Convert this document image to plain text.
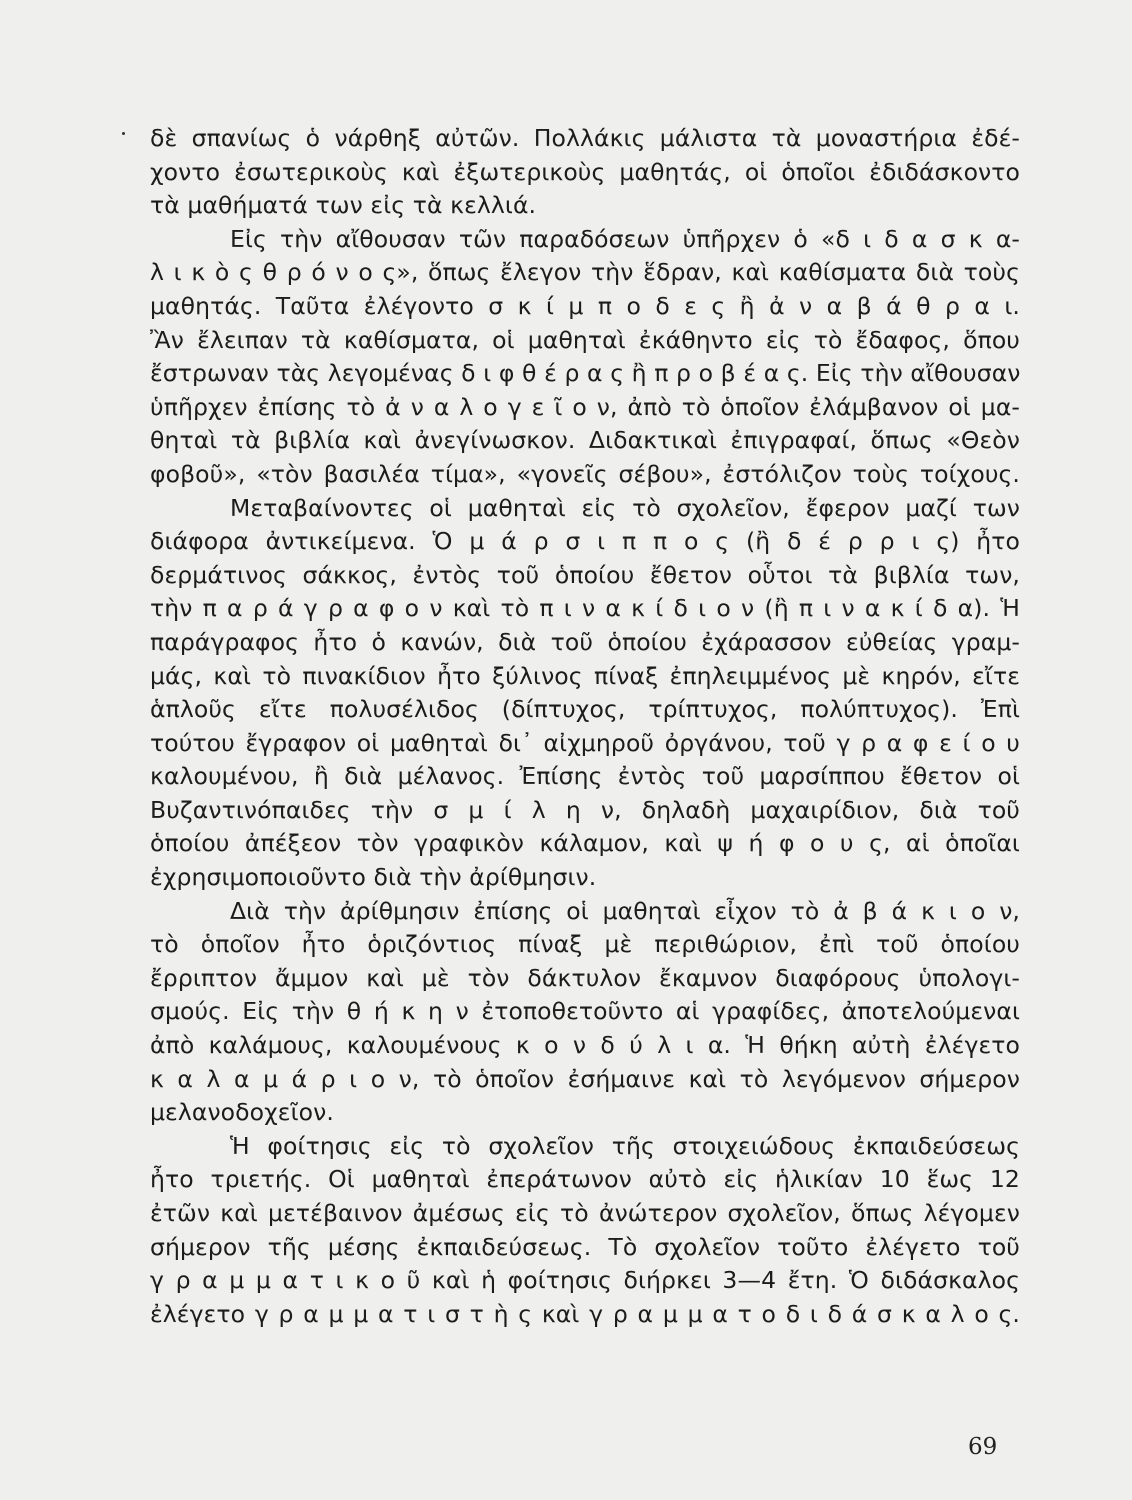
δὲ σπανίως ὁ νάρθηξ αὐτῶν. Πολλάκις μάλιστα τὰ μοναστήρια ἐδέ-
χοντο ἐσωτερικοὺς καὶ ἐξωτερικοὺς μαθητάς, οἱ ὁποῖοι ἐδιδάσκοντο
τὰ μαθήματά των εἰς τὰ κελλιά.

Εἰς τὴν αἴθουσαν τῶν παραδόσεων ὑπῆρχεν ὁ «δ ι δ α σ κ α-
λ ι κ ὸ ς θ ρ ό ν ο ς», ὅπως ἔλεγον τὴν ἕδραν, καὶ καθίσματα διὰ τοὺς
μαθητάς. Ταῦτα ἐλέγοντο σ κ ί μ π ο δ ε ς ἢ ἀ ν α β ά θ ρ α ι.
Ἂν ἔλειπαν τὰ καθίσματα, οἱ μαθηταὶ ἐκάθηντο εἰς τὸ ἔδαφος, ὅπου
ἔστρωναν τὰς λεγομένας δ ι φ θ έ ρ α ς ἢ π ρ ο β έ α ς. Εἰς τὴν αἴθουσαν
ὑπῆρχεν ἐπίσης τὸ ἀ ν α λ ο γ ε ῖ ο ν, ἀπὸ τὸ ὁποῖον ἐλάμβανον οἱ μα-
θηταὶ τὰ βιβλία καὶ ἀνεγίνωσκον. Διδακτικαὶ ἐπιγραφαί, ὅπως «Θεὸν
φοβοῦ», «τὸν βασιλέα τίμα», «γονεῖς σέβου», ἐστόλιζον τοὺς τοίχους.

Μεταβαίνοντες οἱ μαθηταὶ εἰς τὸ σχολεῖον, ἔφερον μαζί των
διάφορα ἀντικείμενα. Ὁ μ ά ρ σ ι π π ο ς (ἢ δ έ ρ ρ ι ς) ἦτο
δερμάτινος σάκκος, ἐντὸς τοῦ ὁποίου ἔθετον οὗτοι τὰ βιβλία των,
τὴν π α ρ ά γ ρ α φ ο ν καὶ τὸ π ι ν α κ ί δ ι ο ν (ἢ π ι ν α κ ί δ α). Ἡ
παράγραφος ἦτο ὁ κανών, διὰ τοῦ ὁποίου ἐχάρασσον εὐθείας γραμ-
μάς, καὶ τὸ πινακίδιον ἦτο ξύλινος πίναξ ἐπηλειμμένος μὲ κηρόν, εἴτε
ἁπλοῦς εἴτε πολυσέλιδος (δίπτυχος, τρίπτυχος, πολύπτυχος). Ἐπὶ
τούτου ἔγραφον οἱ μαθηταὶ δι᾿ αἰχμηροῦ ὀργάνου, τοῦ γ ρ α φ ε ί ο υ
καλουμένου, ἢ διὰ μέλανος. Ἐπίσης ἐντὸς τοῦ μαρσίππου ἔθετον οἱ
Βυζαντινόπαιδες τὴν σ μ ί λ η ν, δηλαδὴ μαχαιρίδιον, διὰ τοῦ
ὁποίου ἀπέξεον τὸν γραφικὸν κάλαμον, καὶ ψ ή φ ο υ ς, αἱ ὁποῖαι
ἐχρησιμοποιοῦντο διὰ τὴν ἀρίθμησιν.

Διὰ τὴν ἀρίθμησιν ἐπίσης οἱ μαθηταὶ εἶχον τὸ ἀ β ά κ ι ο ν,
τὸ ὁποῖον ἦτο ὁριζόντιος πίναξ μὲ περιθώριον, ἐπὶ τοῦ ὁποίου
ἔρριπτον ἄμμον καὶ μὲ τὸν δάκτυλον ἔκαμνον διαφόρους ὑπολογι-
σμούς. Εἰς τὴν θ ή κ η ν ἐτοποθετοῦντο αἱ γραφίδες, ἀποτελούμεναι
ἀπὸ καλάμους, καλουμένους κ ο ν δ ύ λ ι α. Ἡ θήκη αὐτὴ ἐλέγετο
κ α λ α μ ά ρ ι ο ν, τὸ ὁποῖον ἐσήμαινε καὶ τὸ λεγόμενον σήμερον
μελανοδοχεῖον.

Ἡ φοίτησις εἰς τὸ σχολεῖον τῆς στοιχειώδους ἐκπαιδεύσεως
ἦτο τριετής. Οἱ μαθηταὶ ἐπεράτωνον αὐτὸ εἰς ἡλικίαν 10 ἕως 12
ἐτῶν καὶ μετέβαινον ἀμέσως εἰς τὸ ἀνώτερον σχολεῖον, ὅπως λέγομεν
σήμερον τῆς μέσης ἐκπαιδεύσεως. Τὸ σχολεῖον τοῦτο ἐλέγετο τοῦ
γ ρ α μ μ α τ ι κ ο ῦ καὶ ἡ φοίτησις διήρκει 3—4 ἔτη. Ὁ διδάσκαλος
ἐλέγετο γ ρ α μ μ α τ ι σ τ ὴ ς καὶ γ ρ α μ μ α τ ο δ ι δ ά σ κ α λ ο ς.

69
